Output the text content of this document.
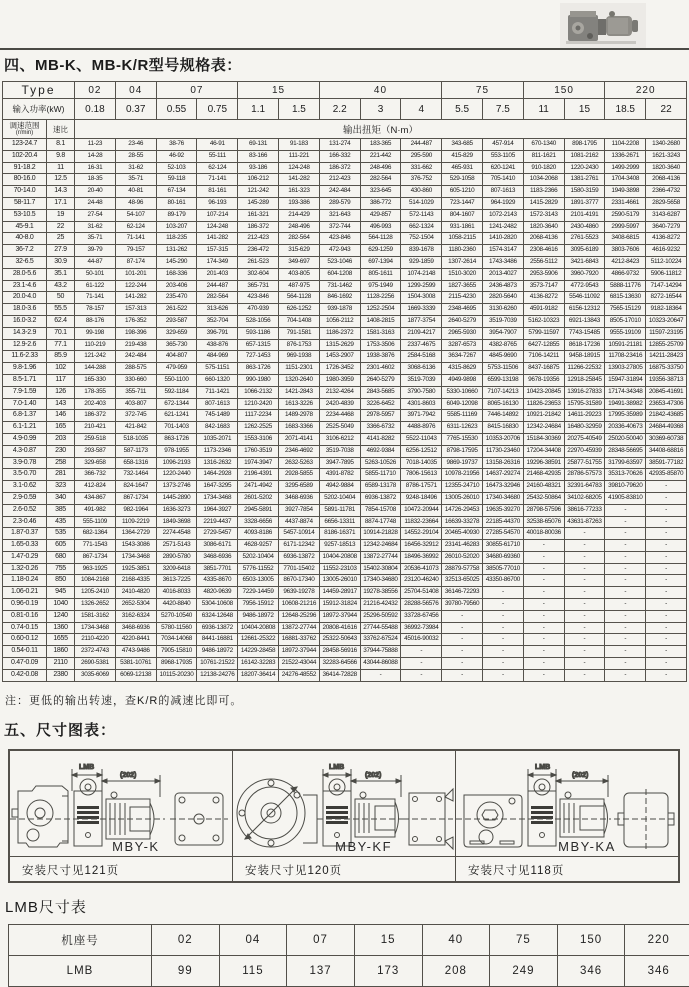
四、MB-K、MB-K/R型号规格表：
Type		02	04	07		15		40			75		150		220	
输入功率(kW)		0.18	0.37	0.55	0.75	1.1	1.5	2.2	3	4	5.5	7.5	11	15	18.5	22
调速范围
(r/min)	速比	输出扭矩（N·m）														
123-24.7	8.1	11-23	23-46	38-76	46-91	69-131	91-183	131-274	183-365	244-487	343-685	457-914	670-1340	898-1795	1104-2208	1340-2680
102-20.4	9.8	14-28	28-55	46-92	55-111	83-166	111-221	166-332	221-442	295-590	415-829	553-1105	811-1621	1081-2162	1336-2671	1621-3243
91-18.2	11	16-31	31-62	52-103	62-124	93-186	124-248	186-372	248-496	331-662	465-931	620-1241	910-1820	1220-2430	1499-2999	1820-3640
80-16.0	12.5	18-35	35-71	59-118	71-141	106-212	141-282	212-423	282-564	376-752	529-1058	705-1410	1034-2068	1381-2761	1704-3408	2068-4136
70-14.0	14.3	20-40	40-81	67-134	81-161	121-242	161-323	242-484	323-645	430-860	605-1210	807-1613	1183-2366	1580-3159	1949-3898	2366-4732
58-11.7	17.1	24-48	48-96	80-161	96-193	145-289	193-386	289-579	386-772	514-1029	723-1447	964-1929	1415-2829	1891-3777	2331-4661	2829-5658
53-10.5	19	27-54	54-107	89-179	107-214	161-321	214-429	321-643	429-857	572-1143	804-1607	1072-2143	1572-3143	2101-4191	2590-5179	3143-6287
45-9.1	22	31-62	62-124	103-207	124-248	186-372	248-496	372-744	496-993	662-1324	931-1861	1241-2482	1820-3640	2430-4860	2999-5997	3640-7279
40-8.0	25	35-71	71-141	118-235	141-282	212-423	282-564	423-846	564-1128	752-1504	1058-2115	1410-2820	2068-4136	2761-5523	3408-6815	4136-8272
36-7.2	27.9	39-79	79-157	131-262	157-315	236-472	315-629	472-943	629-1259	839-1678	1180-2360	1574-3147	2308-4616	3095-6189	3803-7606	4616-9232
32-6.5	30.9	44-87	87-174	145-290	174-349	261-523	349-697	523-1046	697-1394	929-1859	1307-2614	1743-3486	2556-5112	3421-6843	4212-8423	5112-10224
28.0-5.6	35.1	50-101	101-201	168-336	201-403	302-604	403-805	604-1208	805-1611	1074-2148	1510-3020	2013-4027	2953-5906	3960-7920	4866-9732	5906-11812
23.1-4.6	43.2	61-122	122-244	203-406	244-487	365-731	487-975	731-1462	975-1949	1299-2599	1827-3655	2436-4873	3573-7147	4772-9543	5888-11776	7147-14294
20.0-4.0	50	71-141	141-282	235-470	282-564	423-846	564-1128	846-1692	1128-2256	1504-3008	2115-4230	2820-5640	4136-8272	5546-11092	6815-13630	8272-16544
18.0-3.6	55.5	78-157	157-313	261-522	313-626	470-939	626-1252	939-1878	1252-2504	1669-3339	2348-4695	3130-6260	4591-9182	6156-12312	7565-15129	9182-18364
16.0-3.2	62.4	88-176	176-352	293-587	352-704	528-1056	704-1408	1056-2112	1408-2815	1877-3754	2640-5279	3519-7039	5162-10323	6921-13843	8505-17010	10323-20647
14.3-2.9	70.1	99-198	198-396	329-659	396-791	593-1186	791-1581	1186-2372	1581-3163	2109-4217	2965-5930	3954-7907	5799-11597	7743-15485	9555-19109	11597-23195
12.9-2.6	77.1	110-219	219-438	365-730	438-876	657-1315	876-1753	1315-2629	1753-3506	2337-4675	3287-6573	4382-8765	6427-12855	8618-17236	10591-21181	12855-25709
11.6-2.33	85.9	121-242	242-484	404-807	484-969	727-1453	969-1938	1453-2907	1938-3876	2584-5168	3634-7267	4845-9690	7106-14211	9458-18915	11708-23416	14211-28423
9.8-1.96	102	144-288	288-575	479-959	575-1151	863-1726	1151-2301	1726-3452	2301-4602	3068-6136	4315-8629	5753-11506	8437-16875	11266-22532	13903-27805	16875-33750
8.5-1.71	117	165-330	330-660	550-1100	660-1320	990-1980	1320-2640	1980-3959	2640-5279	3519-7039	4949-9898	6599-13198	9678-19356	12918-25845	15947-31894	19356-38713
7.9-1.59	126	178-355	355-711	592-1184	711-1421	1066-2132	1421-2843	2132-4264	2843-5685	3790-7580	5330-10660	7107-14213	10423-20845	13916-27833	17174-34348	20845-41691
7.0-1.40	143	202-403	403-807	672-1344	807-1613	1210-2420	1613-3226	2420-4839	3226-6452	4301-8603	6049-12098	8065-16130	11826-23653	15795-31589	19491-38982	23653-47306
6.8-1.37	146	186-372	372-745	621-1241	745-1489	1117-2234	1489-2978	2234-4468	2978-5957	3971-7942	5585-11169	7446-14892	10921-21842	14611-29223	17995-35989	21842-43685
6.1-1.21	165	210-421	421-842	701-1403	842-1683	1262-2525	1683-3366	2525-5049	3366-6732	4488-8976	6311-12623	8415-16830	12342-24684	16480-32959	20336-40673	24684-49368
4.9-0.99	203	259-518	518-1035	863-1726	1035-2071	1553-3106	2071-4141	3106-6212	4141-8282	5522-11043	7765-15530	10353-20706	15184-30369	20275-40549	25020-50040	30369-60738
4.3-0.87	230	293-587	587-1173	978-1955	1173-2346	1760-3519	2346-4692	3519-7038	4692-9384	6256-12512	8798-17595	11730-23460	17204-34408	22970-45939	28348-56695	34408-68816
3.9-0.78	258	329-658	658-1316	1096-2193	1316-2632	1974-3947	2632-5263	3947-7895	5263-10526	7018-14035	9869-19737	13158-26316	19296-38591	25877-51755	31799-63597	38591-77182
3.5-0.70	281	366-732	732-1464	1220-2440	1464-2928	2196-4391	2928-5855	4391-8782	5855-11710	7806-15613	10978-21956	14637-29274	21468-42935	28786-57573	35313-70626	42935-85870
3.1-0.62	323	412-824	824-1647	1373-2746	1647-3295	2471-4942	3295-6589	4942-9884	6589-13178	8786-17571	12355-24710	16473-32946	24160-48321	32391-64783	39810-79620	-
2.9-0.59	340	434-867	867-1734	1445-2890	1734-3468	2601-5202	3468-6936	5202-10404	6936-13872	9248-18496	13005-26010	17340-34680	25432-50864	34102-68205	41905-83810	-
2.6-0.52	385	491-982	982-1964	1636-3273	1964-3927	2945-5891	3927-7854	5891-11781	7854-15708	10472-20944	14726-29453	19635-39270	28798-57596	38616-77233	-	-
2.3-0.46	435	555-1109	1109-2219	1849-3698	2219-4437	3328-6656	4437-8874	6656-13311	8874-17748	11832-23664	16639-33278	22185-44370	32538-65076	43631-87263	-	-
1.87-0.37	535	682-1364	1364-2729	2274-4548	2729-5457	4093-8186	5457-10914	8186-16371	10914-21828	14552-29104	20465-40930	27285-54570	40018-80036	-	-	-
1.65-0.33	605	771-1543	1543-3086	2571-5143	3086-6171	4628-9257	6171-12342	9257-18513	12342-24684	16456-32912	23141-46283	30855-61710	-	-	-	-
1.47-0.29	680	867-1734	1734-3468	2890-5780	3468-6936	5202-10404	6936-13872	10404-20808	13872-27744	18496-36992	26010-52020	34680-69360	-	-	-	-
1.32-0.26	755	963-1925	1925-3851	3209-6418	3851-7701	5776-11552	7701-15402	11552-23103	15402-30804	20536-41073	28879-57758	38505-77010	-	-	-	-
1.18-0.24	850	1084-2168	2168-4335	3613-7225	4335-8670	6503-13005	8670-17340	13005-26010	17340-34680	23120-46240	32513-65025	43350-86700	-	-	-	-
1.06-0.21	945	1205-2410	2410-4820	4016-8033	4820-9639	7229-14459	9639-19278	14459-28917	19278-38556	25704-51408	36146-72293	-	-	-	-	-
0.96-0.19	1040	1326-2652	2652-5304	4420-8840	5304-10608	7956-15912	10608-21216	15912-31824	21216-42432	28288-56576	39780-79560	-	-	-	-	-
0.81-0.16	1240	1581-3162	3162-6324	5270-10540	6324-12648	9486-18972	12648-25296	18972-37944	25296-50592	33728-67456	-	-	-	-	-	-
0.74-0.15	1360	1734-3468	3468-6936	5780-11560	6936-13872	10404-20808	13872-27744	20808-41616	27744-55488	36992-73984	-	-	-	-	-	-
0.60-0.12	1655	2110-4220	4220-8441	7034-14068	8441-16881	12661-25322	16881-33762	25322-50643	33762-67524	45016-90032	-	-	-	-	-	-
0.54-0.11	1860	2372-4743	4743-9486	7905-15810	9486-18972	14229-28458	18972-37944	28458-56916	37944-75888	-	-	-	-	-	-	-
0.47-0.09	2110	2690-5381	5381-10761	8968-17935	10761-21522	16142-32283	21522-43044	32283-64566	43044-86088	-	-	-	-	-	-	-
0.42-0.08	2380	3035-6069	6069-12138	10115-20230	12138-24276	18207-36414	24276-48552	36414-72828	-	-	-	-	-	-	-	-
注：更低的输出转速，查K/R的减速比即可。
五、尺寸图表：
LMB
(202)
MBY-K
安装尺寸见121页
LMB
(202)
MBY-KF
安装尺寸见120页
LMB
(202)
MBY-KA
安装尺寸见118页
LMB尺寸表
机座号	02	04	07	15	40	75	150	220
LMB	99	115	137	173	208	249	346	346
